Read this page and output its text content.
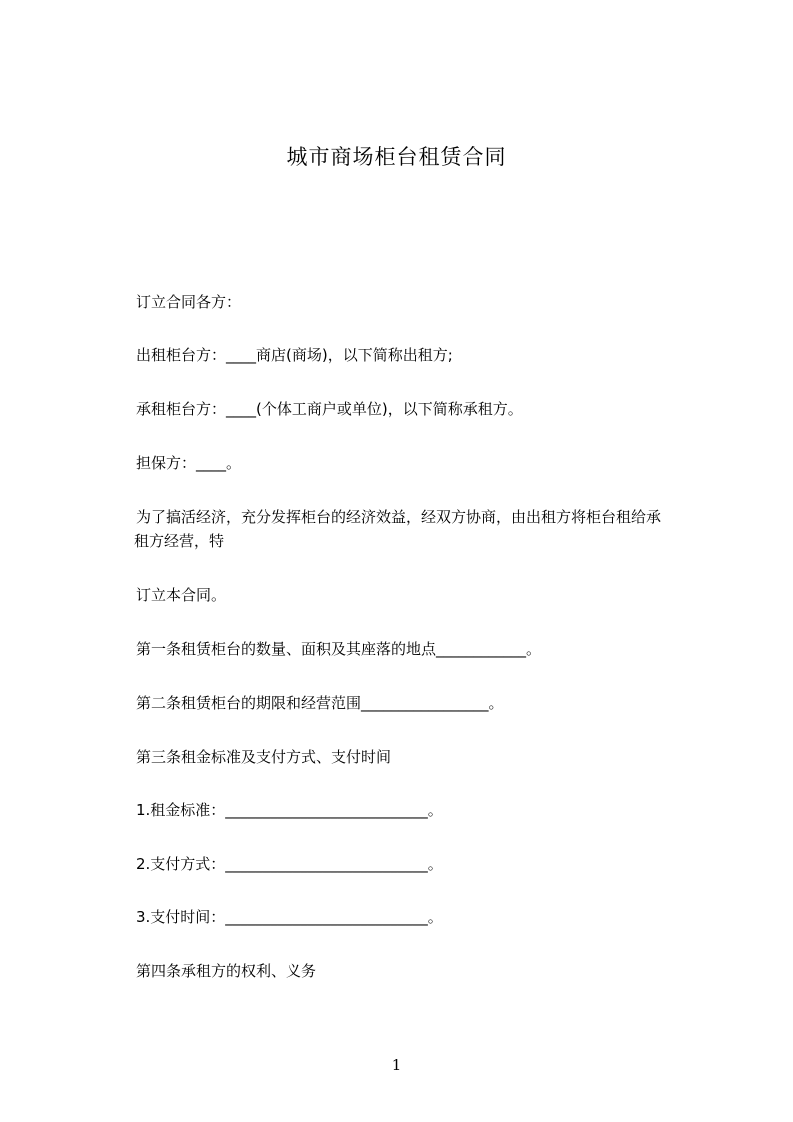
城市商场柜台租赁合同
订立合同各方：
出租柜台方：____商店(商场)，以下简称出租方;
承租柜台方：____(个体工商户或单位)，以下简称承租方。
担保方：____。
为了搞活经济，充分发挥柜台的经济效益，经双方协商，由出租方将柜台租给承
租方经营，特
订立本合同。
第一条租赁柜台的数量、面积及其座落的地点____________。
第二条租赁柜台的期限和经营范围_________________。
第三条租金标准及支付方式、支付时间
1.租金标准：___________________________。
2.支付方式：___________________________。
3.支付时间：___________________________。
第四条承租方的权利、义务
1
